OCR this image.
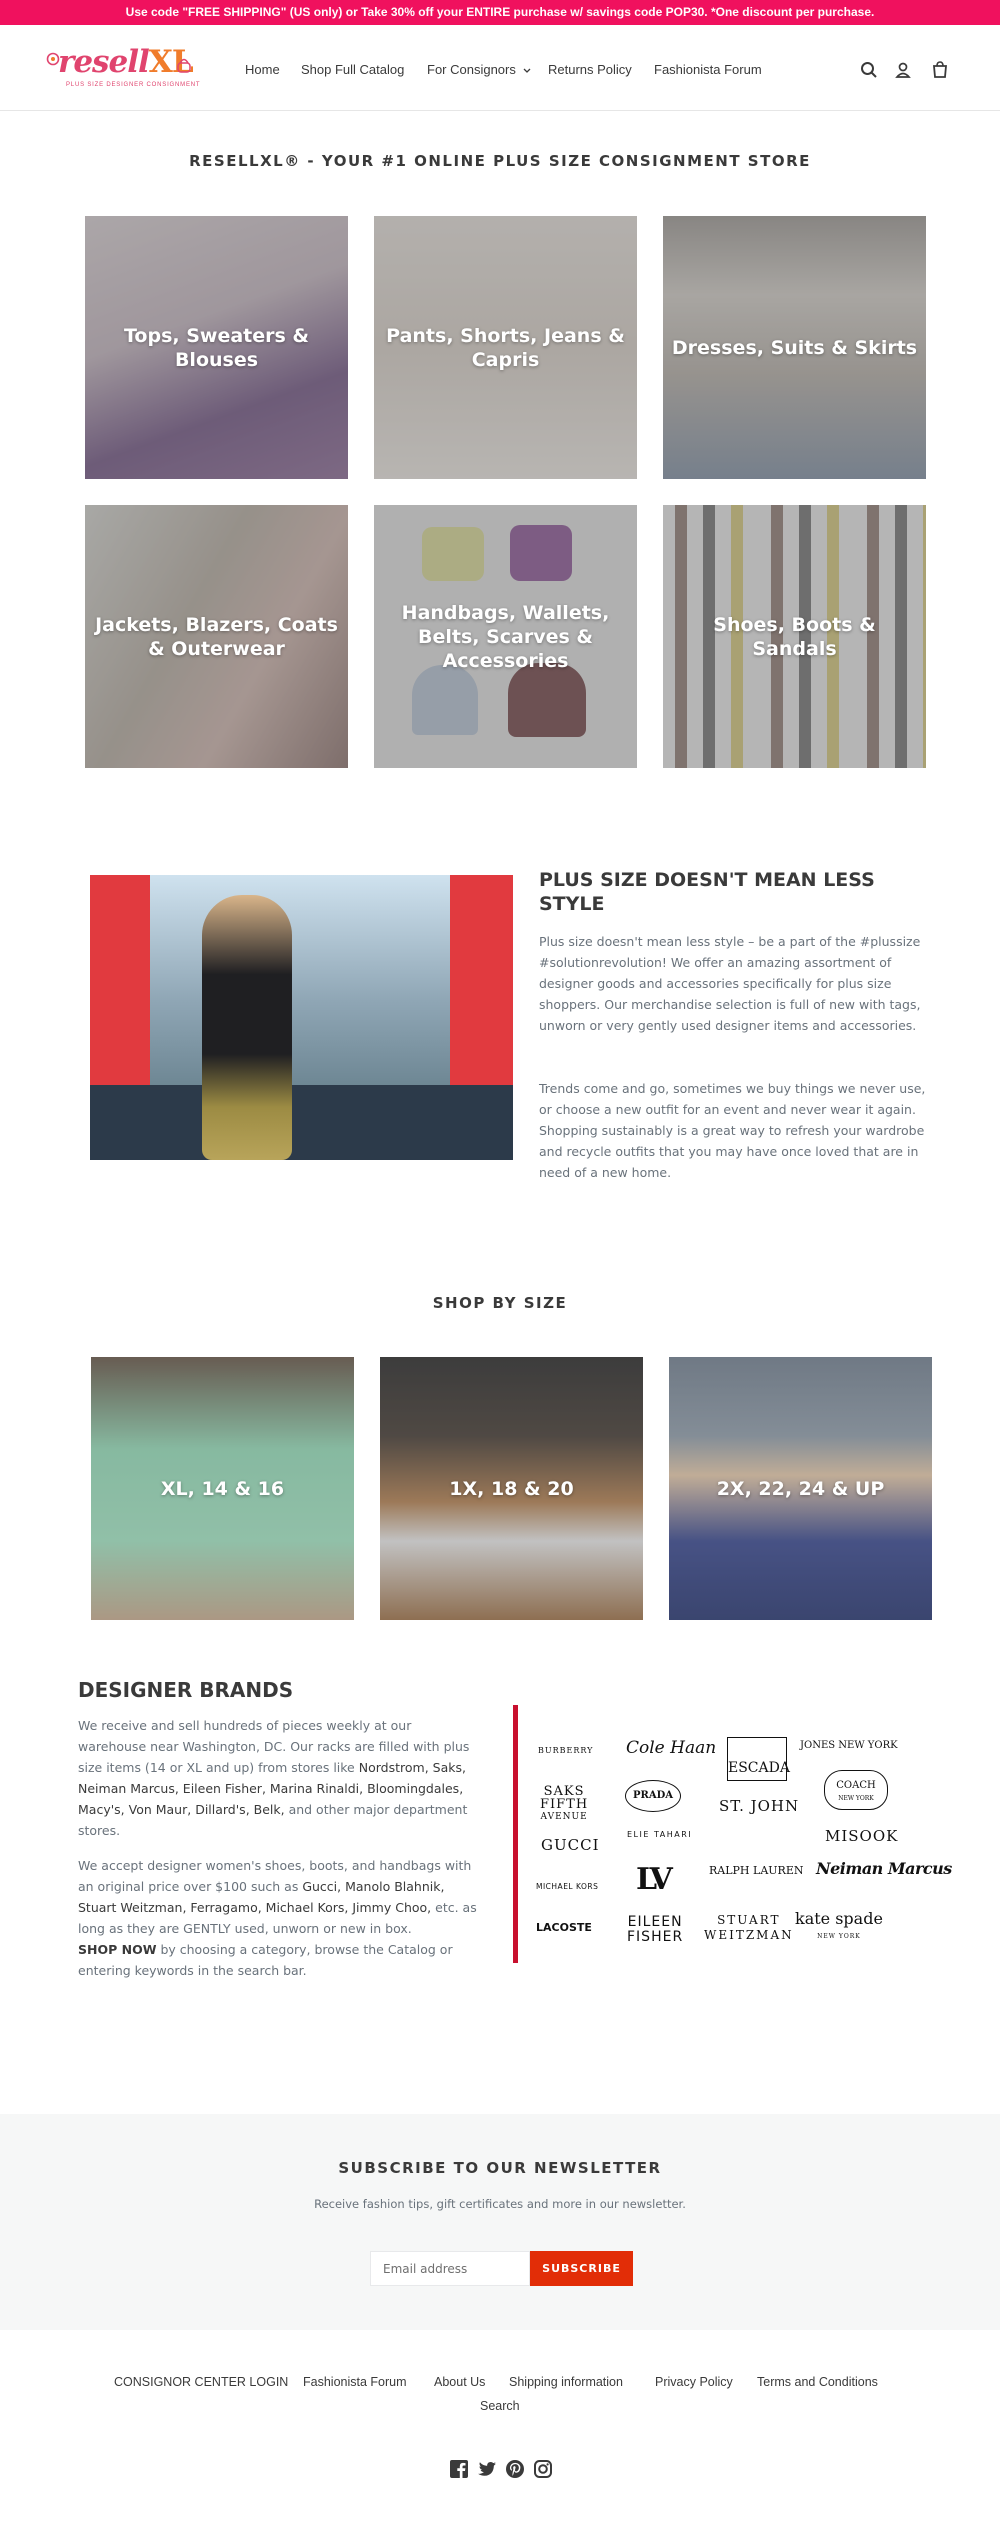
Use code "FREE SHIPPING" (US only) or Take 30% off your ENTIRE purchase w/ savings code POP30. *One discount per purchase.
resellXL
PLUS SIZE DESIGNER CONSIGNMENT
Home Shop Full Catalog For Consignors	Returns Policy Fashionista Forum
RESELLXL® - YOUR #1 ONLINE PLUS SIZE CONSIGNMENT STORE
Tops, Sweaters & Blouses
Pants, Shorts, Jeans & Capris
Dresses, Suits & Skirts
Jackets, Blazers, Coats & Outerwear
Handbags, Wallets, Belts, Scarves & Accessories
Shoes, Boots & Sandals
PLUS SIZE DOESN'T MEAN LESS STYLE
Plus size doesn't mean less style – be a part of the #plussize #solutionrevolution! We offer an amazing assortment of designer goods and accessories specifically for plus size shoppers. Our merchandise selection is full of new with tags, unworn or very gently used designer items and accessories.
Trends come and go, sometimes we buy things we never use, or choose a new outfit for an event and never wear it again. Shopping sustainably is a great way to refresh your wardrobe and recycle outfits that you may have once loved that are in need of a new home.
SHOP BY SIZE
XL, 14 & 16	1X, 18 & 20	2X, 22, 24 & UP
DESIGNER BRANDS
We receive and sell hundreds of pieces weekly at our warehouse near Washington, DC. Our racks are filled with plus size items (14 or XL and up) from stores like Nordstrom, Saks, Neiman Marcus, Eileen Fisher, Marina Rinaldi, Bloomingdales, Macy's, Von Maur, Dillard's, Belk, and other major department stores.
We accept designer women's shoes, boots, and handbags with an original price over $100 such as Gucci, Manolo Blahnik, Stuart Weitzman, Ferragamo, Michael Kors, Jimmy Choo, etc. as long as they are GENTLY used, unworn or new in box.
SHOP NOW by choosing a category, browse the Catalog or entering keywords in the search bar.
BURBERRY Cole Haan
ESCADA
JONES NEW YORK
SAKS
FIFTH
AVENUE
PRADA
ST. JOHN
COACH
NEW YORK
GUCCI
ELIE TAHARI	MISOOK
MICHAEL KORS LV	RALPH LAUREN Neiman Marcus
LACOSTE	EILEEN
FISHER
STUART
WEITZMAN
kate spade
NEW YORK
SUBSCRIBE TO OUR NEWSLETTER
Receive fashion tips, gift certificates and more in our newsletter.
Email address
SUBSCRIBE
CONSIGNOR CENTER LOGIN Fashionista Forum About Us Shipping information	Privacy Policy Terms and Conditions
Search
